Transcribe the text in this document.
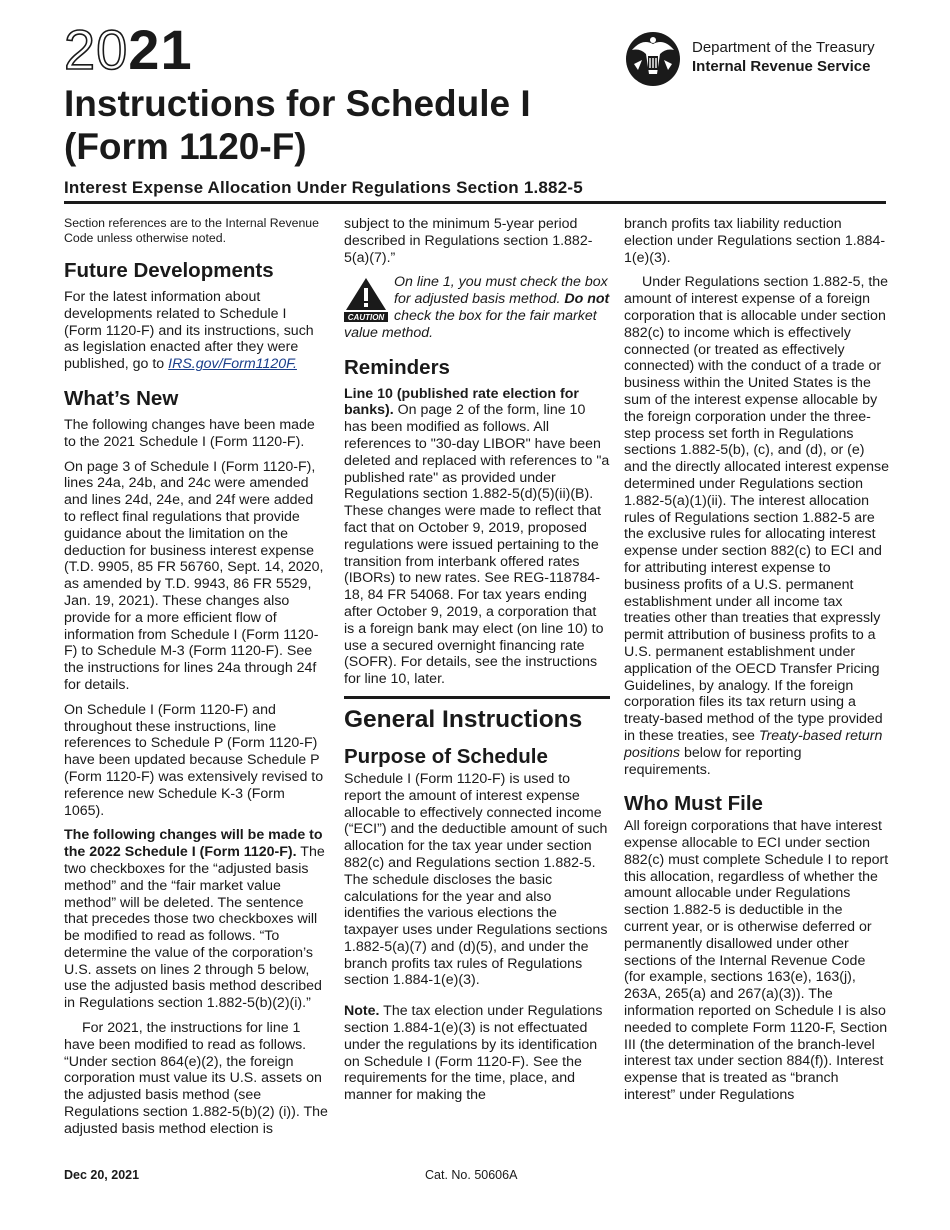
2021
Instructions for Schedule I
(Form 1120-F)
Department of the Treasury
Internal Revenue Service
Interest Expense Allocation Under Regulations Section 1.882-5

Section references are to the Internal Revenue Code unless otherwise noted.

Future Developments

For the latest information about developments related to Schedule I (Form 1120-F) and its instructions, such as legislation enacted after they were published, go to IRS.gov/Form1120F.

What’s New

The following changes have been made to the 2021 Schedule I (Form 1120-F).

On page 3 of Schedule I (Form 1120-F), lines 24a, 24b, and 24c were amended and lines 24d, 24e, and 24f were added to reflect final regulations that provide guidance about the limitation on the deduction for business interest expense (T.D. 9905, 85 FR 56760, Sept. 14, 2020, as amended by T.D. 9943, 86 FR 5529, Jan. 19, 2021). These changes also provide for a more efficient flow of information from Schedule I (Form 1120-F) to Schedule M-3 (Form 1120-F). See the instructions for lines 24a through 24f for details.

On Schedule I (Form 1120-F) and throughout these instructions, line references to Schedule P (Form 1120-F) have been updated because Schedule P (Form 1120-F) was extensively revised to reference new Schedule K-3 (Form 1065).

The following changes will be made to the 2022 Schedule I (Form 1120-F). The two checkboxes for the “adjusted basis method” and the “fair market value method” will be deleted. The sentence that precedes those two checkboxes will be modified to read as follows. “To determine the value of the corporation’s U.S. assets on lines 2 through 5 below, use the adjusted basis method described in Regulations section 1.882-5(b)(2)(i).”

For 2021, the instructions for line 1 have been modified to read as follows. “Under section 864(e)(2), the foreign corporation must value its U.S. assets on the adjusted basis method (see Regulations section 1.882-5(b)(2) (i)). The adjusted basis method election is

subject to the minimum 5-year period described in Regulations section 1.882-5(a)(7).”

CAUTION
On line 1, you must check the box for adjusted basis method. Do not check the box for the fair market value method.
Reminders

Line 10 (published rate election for banks). On page 2 of the form, line 10 has been modified as follows. All references to "30-day LIBOR" have been deleted and replaced with references to "a published rate" as provided under Regulations section 1.882-5(d)(5)(ii)(B). These changes were made to reflect that fact that on October 9, 2019, proposed regulations were issued pertaining to the transition from interbank offered rates (IBORs) to new rates. See REG-118784-18, 84 FR 54068. For tax years ending after October 9, 2019, a corporation that is a foreign bank may elect (on line 10) to use a secured overnight financing rate (SOFR). For details, see the instructions for line 10, later.

General Instructions
Purpose of Schedule

Schedule I (Form 1120-F) is used to report the amount of interest expense allocable to effectively connected income (“ECI”) and the deductible amount of such allocation for the tax year under section 882(c) and Regulations section 1.882-5. The schedule discloses the basic calculations for the year and also identifies the various elections the taxpayer uses under Regulations sections 1.882-5(a)(7) and (d)(5), and under the branch profits tax rules of Regulations section 1.884-1(e)(3).

Note. The tax election under Regulations section 1.884-1(e)(3) is not effectuated under the regulations by its identification on Schedule I (Form 1120-F). See the requirements for the time, place, and manner for making the

branch profits tax liability reduction election under Regulations section 1.884-1(e)(3).

Under Regulations section 1.882-5, the amount of interest expense of a foreign corporation that is allocable under section 882(c) to income which is effectively connected (or treated as effectively connected) with the conduct of a trade or business within the United States is the sum of the interest expense allocable by the foreign corporation under the three-step process set forth in Regulations sections 1.882-5(b), (c), and (d), or (e) and the directly allocated interest expense determined under Regulations section 1.882-5(a)(1)(ii). The interest allocation rules of Regulations section 1.882-5 are the exclusive rules for allocating interest expense under section 882(c) to ECI and for attributing interest expense to business profits of a U.S. permanent establishment under all income tax treaties other than treaties that expressly permit attribution of business profits to a U.S. permanent establishment under application of the OECD Transfer Pricing Guidelines, by analogy. If the foreign corporation files its tax return using a treaty-based method of the type provided in these treaties, see Treaty-based return positions below for reporting requirements.

Who Must File

All foreign corporations that have interest expense allocable to ECI under section 882(c) must complete Schedule I to report this allocation, regardless of whether the amount allocable under Regulations section 1.882-5 is deductible in the current year, or is otherwise deferred or permanently disallowed under other sections of the Internal Revenue Code (for example, sections 163(e), 163(j), 263A, 265(a) and 267(a)(3)). The information reported on Schedule I is also needed to complete Form 1120-F, Section III (the determination of the branch-level interest tax under section 884(f)). Interest expense that is treated as “branch interest” under Regulations

Dec 20, 2021	Cat. No. 50606A
